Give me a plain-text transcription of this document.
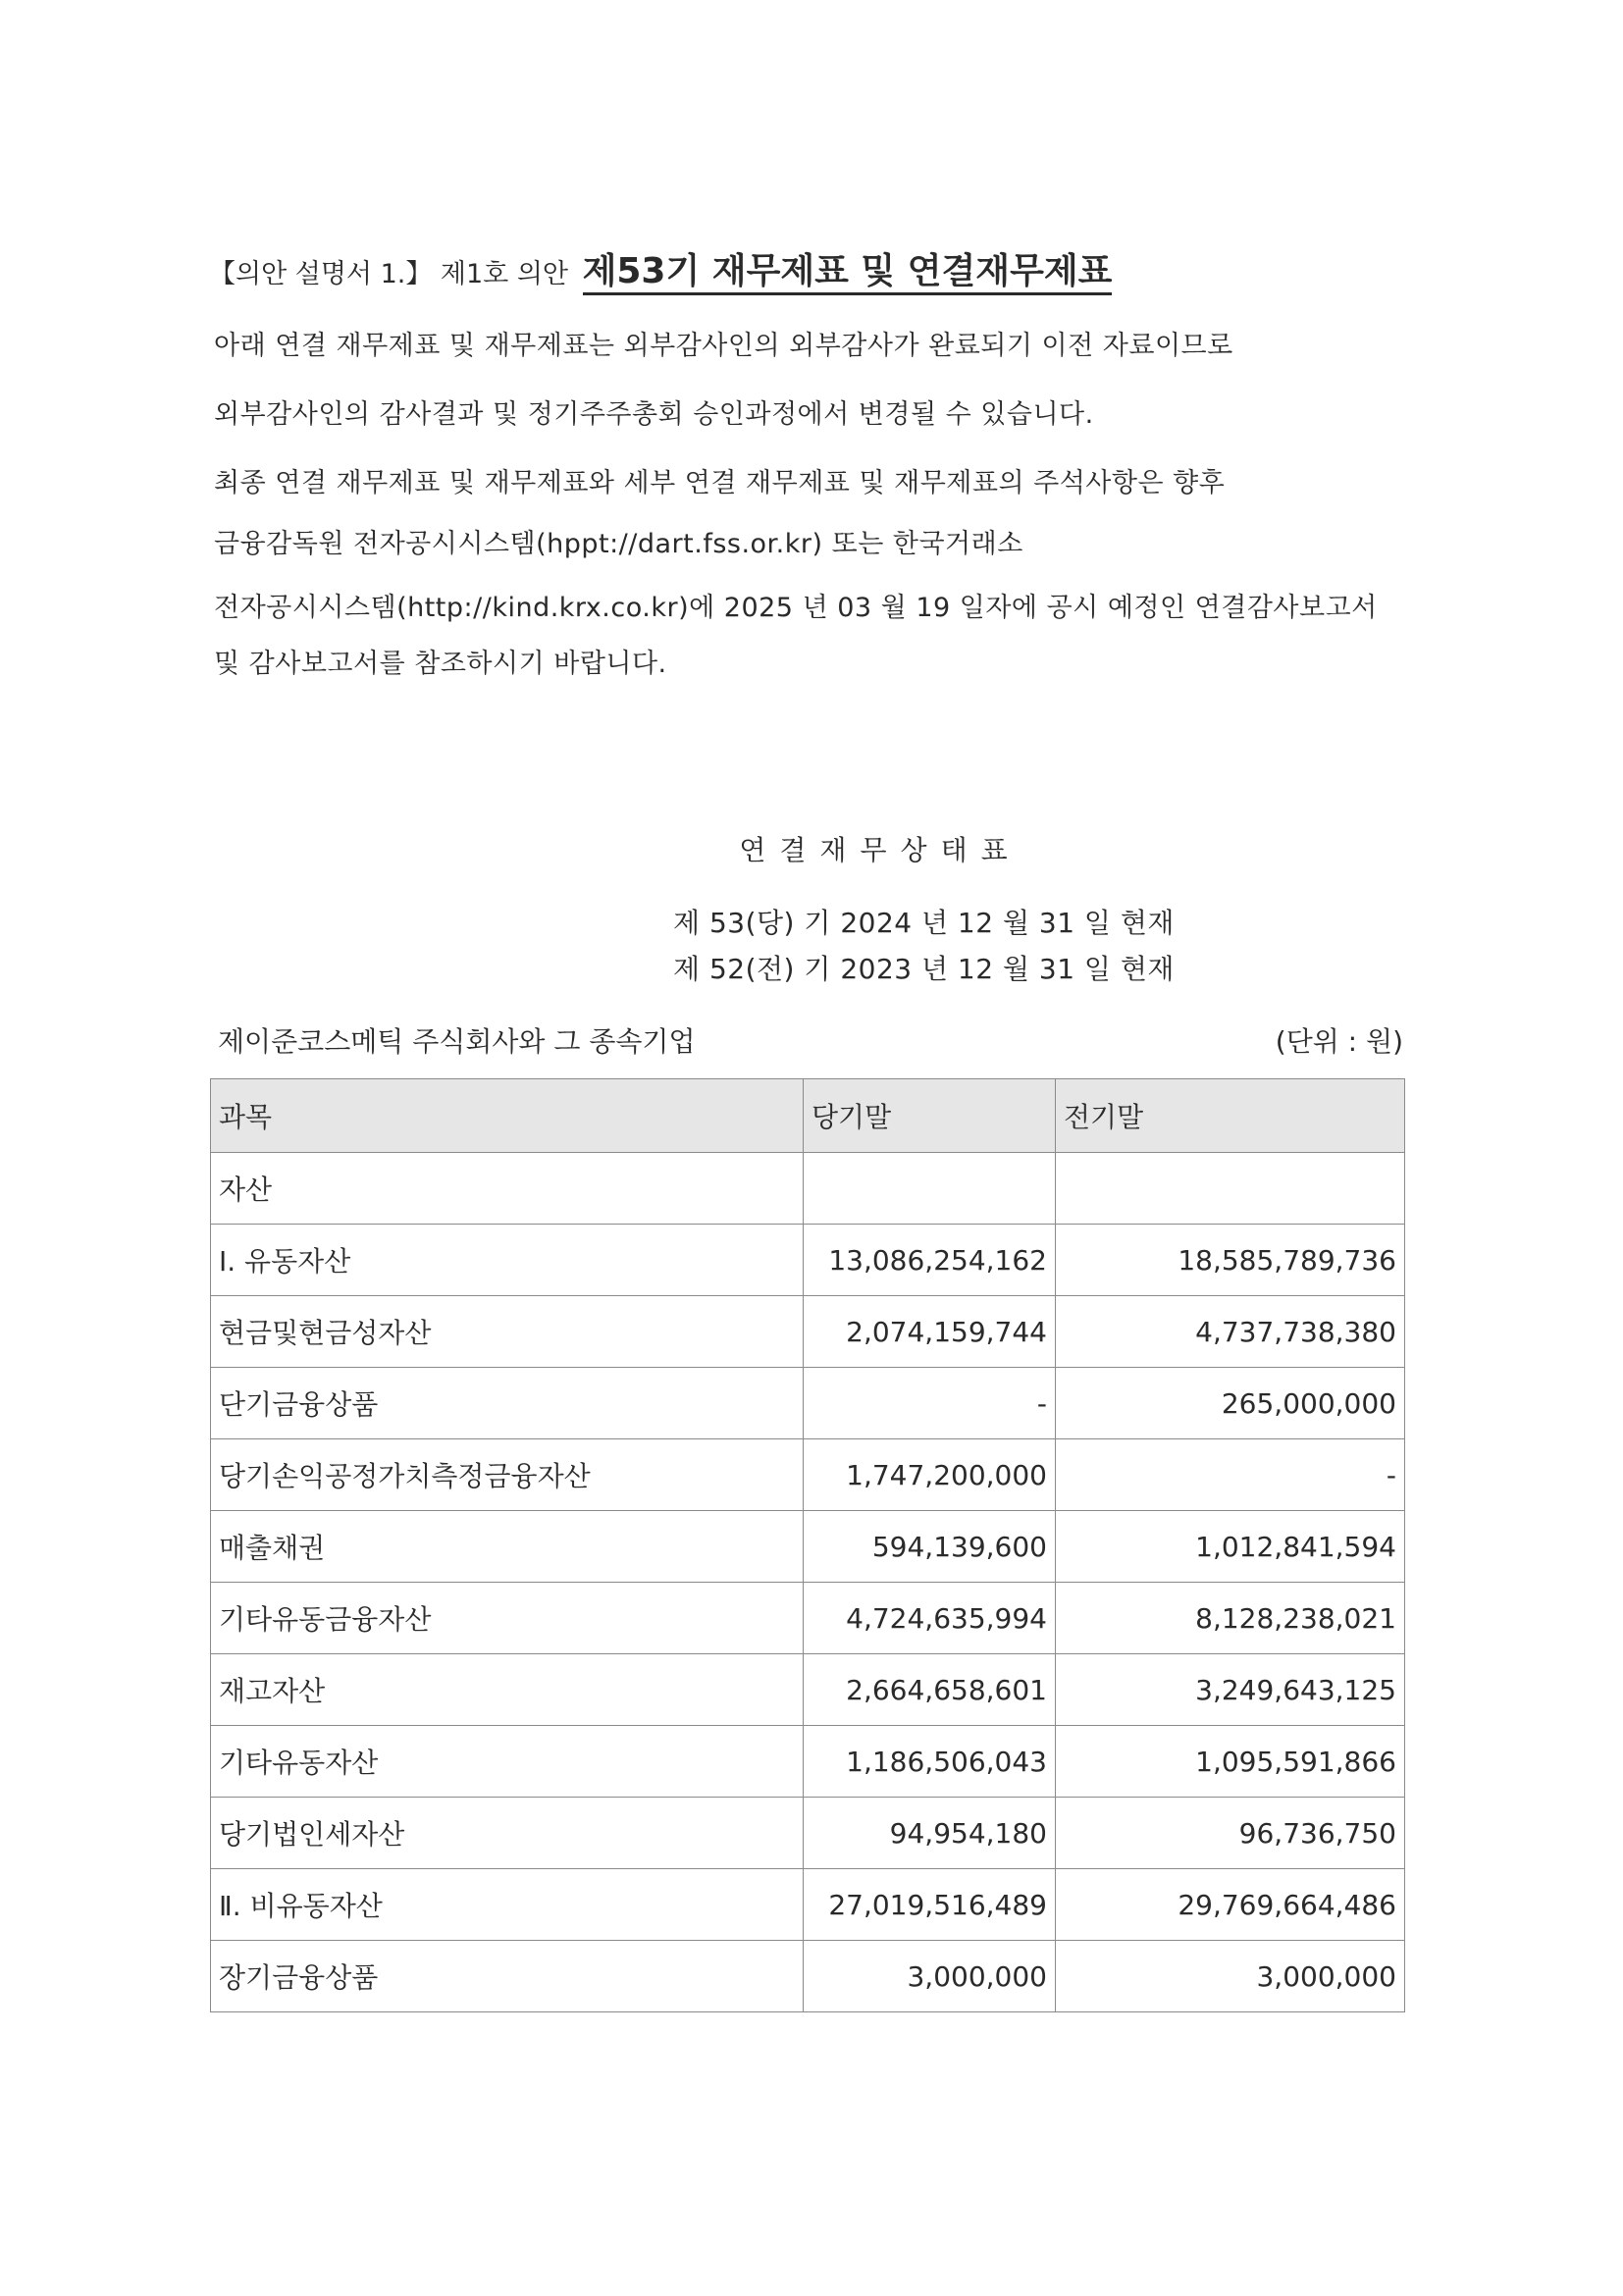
【의안 설명서 1.】 제1호 의안 제53기 재무제표 및 연결재무제표
아래 연결 재무제표 및 재무제표는 외부감사인의 외부감사가 완료되기 이전 자료이므로
외부감사인의 감사결과 및 정기주주총회 승인과정에서 변경될 수 있습니다.
최종 연결 재무제표 및 재무제표와 세부 연결 재무제표 및 재무제표의 주석사항은 향후
금융감독원 전자공시시스템(hppt://dart.fss.or.kr) 또는 한국거래소
전자공시시스템(http://kind.krx.co.kr)에 2025 년 03 월 19 일자에 공시 예정인 연결감사보고서
및 감사보고서를 참조하시기 바랍니다.
연결재무상태표
제 53(당) 기 2024 년 12 월 31 일 현재
제 52(전) 기 2023 년 12 월 31 일 현재
제이준코스메틱 주식회사와 그 종속기업	(단위 : 원)
과목	당기말	전기말
자산		
Ⅰ. 유동자산	13,086,254,162	18,585,789,736
현금및현금성자산	2,074,159,744	4,737,738,380
단기금융상품	-	265,000,000
당기손익공정가치측정금융자산	1,747,200,000	-
매출채권	594,139,600	1,012,841,594
기타유동금융자산	4,724,635,994	8,128,238,021
재고자산	2,664,658,601	3,249,643,125
기타유동자산	1,186,506,043	1,095,591,866
당기법인세자산	94,954,180	96,736,750
Ⅱ. 비유동자산	27,019,516,489	29,769,664,486
장기금융상품	3,000,000	3,000,000
